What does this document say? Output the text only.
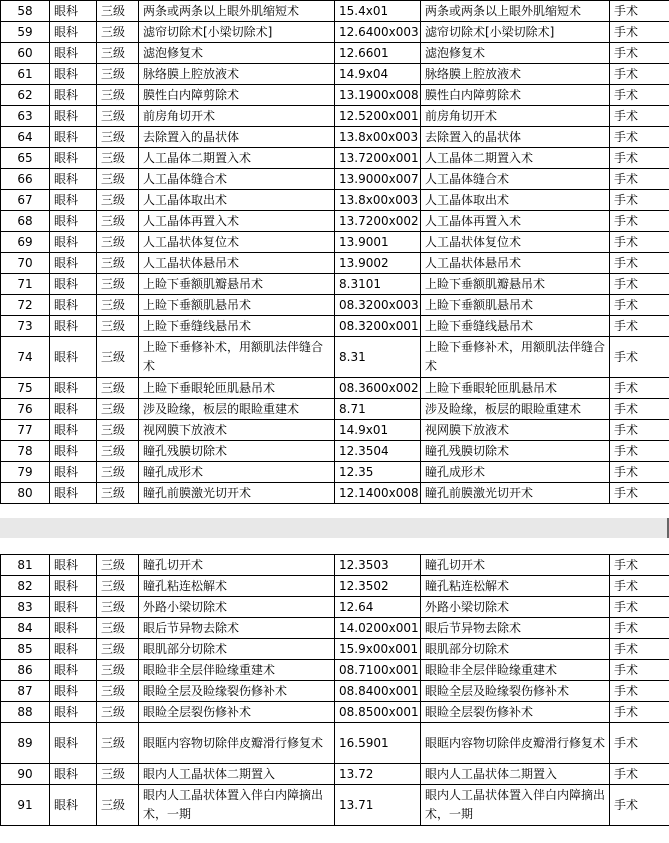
58	眼科	三级	两条或两条以上眼外肌缩短术	15.4x01	两条或两条以上眼外肌缩短术	手术
59	眼科	三级	滤帘切除术[小梁切除术]	12.6400x003	滤帘切除术[小梁切除术]	手术
60	眼科	三级	滤泡修复术	12.6601	滤泡修复术	手术
61	眼科	三级	脉络膜上腔放液术	14.9x04	脉络膜上腔放液术	手术
62	眼科	三级	膜性白内障剪除术	13.1900x008	膜性白内障剪除术	手术
63	眼科	三级	前房角切开术	12.5200x001	前房角切开术	手术
64	眼科	三级	去除置入的晶状体	13.8x00x003	去除置入的晶状体	手术
65	眼科	三级	人工晶体二期置入术	13.7200x001	人工晶体二期置入术	手术
66	眼科	三级	人工晶体缝合术	13.9000x007	人工晶体缝合术	手术
67	眼科	三级	人工晶体取出术	13.8x00x003	人工晶体取出术	手术
68	眼科	三级	人工晶体再置入术	13.7200x002	人工晶体再置入术	手术
69	眼科	三级	人工晶状体复位术	13.9001	人工晶状体复位术	手术
70	眼科	三级	人工晶状体悬吊术	13.9002	人工晶状体悬吊术	手术
71	眼科	三级	上睑下垂额肌瓣悬吊术	8.3101	上睑下垂额肌瓣悬吊术	手术
72	眼科	三级	上睑下垂额肌悬吊术	08.3200x003	上睑下垂额肌悬吊术	手术
73	眼科	三级	上睑下垂缝线悬吊术	08.3200x001	上睑下垂缝线悬吊术	手术
74	眼科	三级	上睑下垂修补术，用额肌法伴缝合术	8.31	上睑下垂修补术，用额肌法伴缝合术	手术
75	眼科	三级	上睑下垂眼轮匝肌悬吊术	08.3600x002	上睑下垂眼轮匝肌悬吊术	手术
76	眼科	三级	涉及睑缘，板层的眼睑重建术	8.71	涉及睑缘，板层的眼睑重建术	手术
77	眼科	三级	视网膜下放液术	14.9x01	视网膜下放液术	手术
78	眼科	三级	瞳孔残膜切除术	12.3504	瞳孔残膜切除术	手术
79	眼科	三级	瞳孔成形术	12.35	瞳孔成形术	手术
80	眼科	三级	瞳孔前膜激光切开术	12.1400x008	瞳孔前膜激光切开术	手术
81	眼科	三级	瞳孔切开术	12.3503	瞳孔切开术	手术
82	眼科	三级	瞳孔粘连松解术	12.3502	瞳孔粘连松解术	手术
83	眼科	三级	外路小梁切除术	12.64	外路小梁切除术	手术
84	眼科	三级	眼后节异物去除术	14.0200x001	眼后节异物去除术	手术
85	眼科	三级	眼肌部分切除术	15.9x00x001	眼肌部分切除术	手术
86	眼科	三级	眼睑非全层伴睑缘重建术	08.7100x001	眼睑非全层伴睑缘重建术	手术
87	眼科	三级	眼睑全层及睑缘裂伤修补术	08.8400x001	眼睑全层及睑缘裂伤修补术	手术
88	眼科	三级	眼睑全层裂伤修补术	08.8500x001	眼睑全层裂伤修补术	手术
89	眼科	三级	眼眶内容物切除伴皮瓣滑行修复术	16.5901	眼眶内容物切除伴皮瓣滑行修复术	手术
90	眼科	三级	眼内人工晶状体二期置入	13.72	眼内人工晶状体二期置入	手术
91	眼科	三级	眼内人工晶状体置入伴白内障摘出术，一期	13.71	眼内人工晶状体置入伴白内障摘出术，一期	手术
